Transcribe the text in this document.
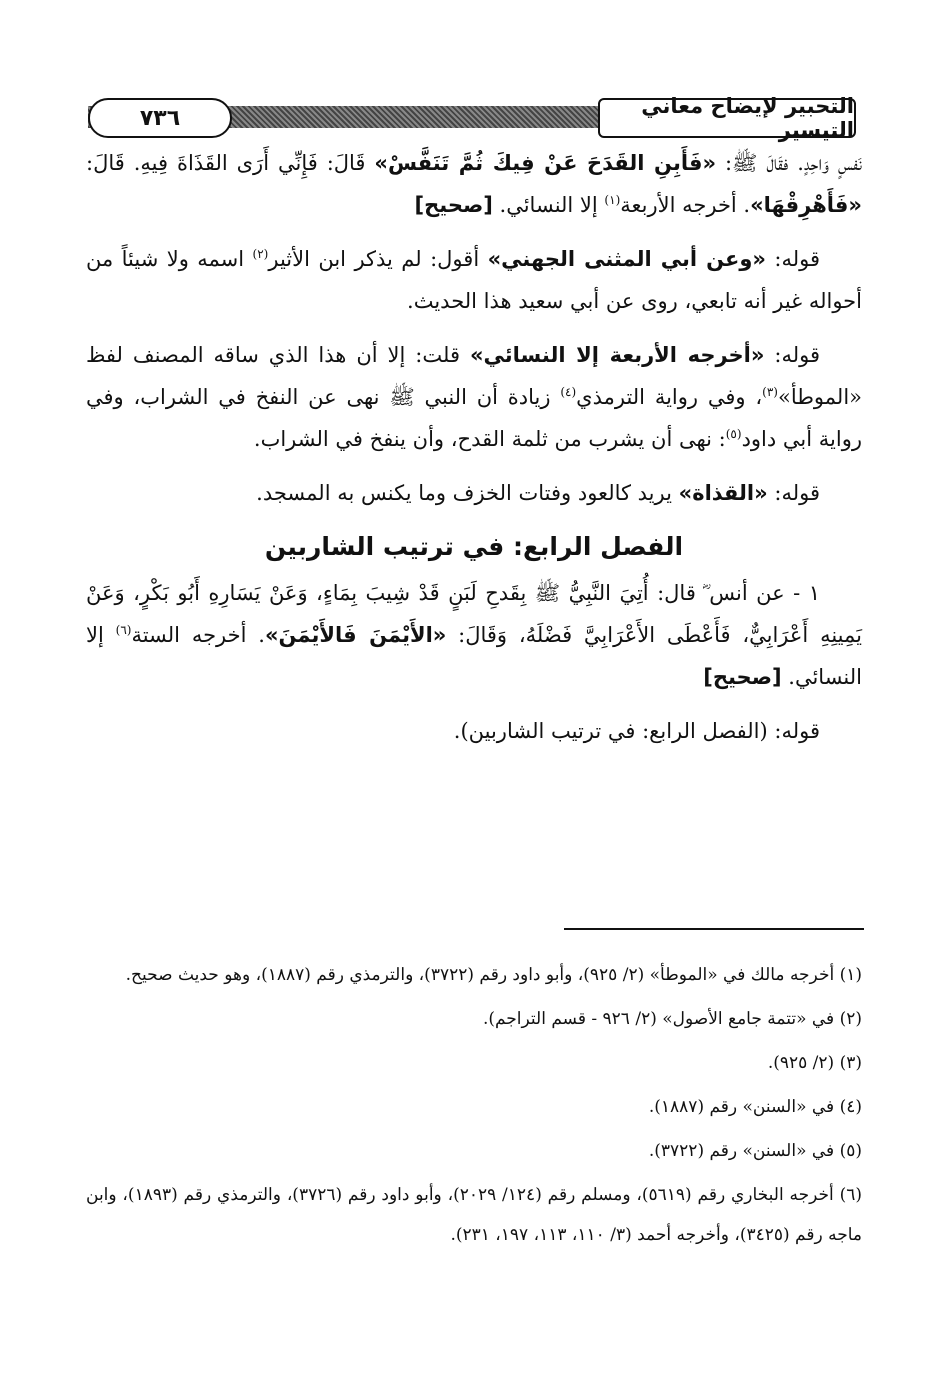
التحبير لإيضاح معاني التيسير
٧٣٦

نَفسٍ وَاحِدٍ. فقَالَ ﷺ: «فَأَبِنِ القَدَحَ عَنْ فِيكَ ثُمَّ تَنَفَّسْ» قَالَ: فَإِنِّي أَرَى القَذَاةَ فِيهِ. قَالَ: «فَأَهْرِقْهَا». أخرجه الأربعة$^{(١)}$ إلا النسائي. [صحيح]

قوله: «وعن أبي المثنى الجهني» أقول: لم يذكر ابن الأثير$^{(٢)}$ اسمه ولا شيئاً من أحواله غير أنه تابعي، روى عن أبي سعيد هذا الحديث.

قوله: «أخرجه الأربعة إلا النسائي» قلت: إلا أن هذا الذي ساقه المصنف لفظ «الموطأ»$^{(٣)}$، وفي رواية الترمذي$^{(٤)}$ زيادة أن النبي ﷺ نهى عن النفخ في الشراب، وفي رواية أبي داود$^{(٥)}$: نهى أن يشرب من ثلمة القدح، وأن ينفخ في الشراب.

قوله: «القذاة» يريد كالعود وفتات الخزف وما يكنس به المسجد.

الفصل الرابع: في ترتيب الشاربين

١ - عن أنس ؓ قال: أُتِيَ النَّبِيُّ ﷺ بِقَدحِ لَبَنٍ قَدْ شِيبَ بِمَاءٍ، وَعَنْ يَسَارِهِ أَبُو بَكْرٍ، وَعَنْ يَمِينِهِ أَعْرَابِيٌّ، فَأَعْطَى الأَعْرَابِيَّ فَضْلَهُ، وَقَالَ: «الأَيْمَنَ فَالأَيْمَنَ». أخرجه الستة$^{(٦)}$ إلا النسائي. [صحيح]

قوله: (الفصل الرابع: في ترتيب الشاربين).

(١) أخرجه مالك في «الموطأ» (٢/ ٩٢٥)، وأبو داود رقم (٣٧٢٢)، والترمذي رقم (١٨٨٧)، وهو حديث صحيح.

(٢) في «تتمة جامع الأصول» (٢/ ٩٢٦ - قسم التراجم).

(٣) (٢/ ٩٢٥).

(٤) في «السنن» رقم (١٨٨٧).

(٥) في «السنن» رقم (٣٧٢٢).

(٦) أخرجه البخاري رقم (٥٦١٩)، ومسلم رقم (١٢٤/ ٢٠٢٩)، وأبو داود رقم (٣٧٢٦)، والترمذي رقم (١٨٩٣)، وابن ماجه رقم (٣٤٢٥)، وأخرجه أحمد (٣/ ١١٠، ١١٣، ١٩٧، ٢٣١).
